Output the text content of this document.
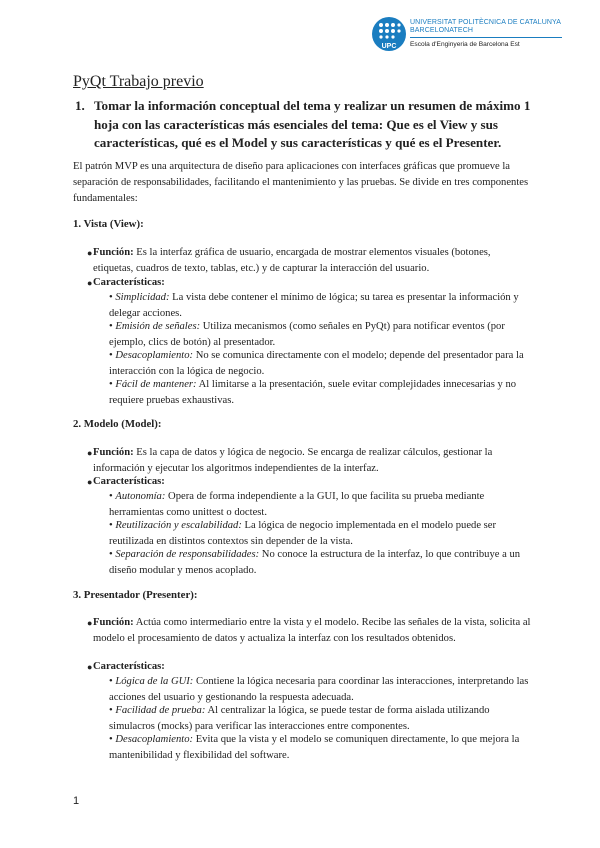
UPC
UNIVERSITAT POLITÈCNICA DE CATALUNYA
BARCELONATECH
Escola d'Enginyeria de Barcelona Est
PyQt Trabajo previo
1. Tomar la información conceptual del tema y realizar un resumen de máximo 1 hoja con las características más esenciales del tema: Que es el View y sus características, qué es el Model y sus características y qué es el Presenter.
El patrón MVP es una arquitectura de diseño para aplicaciones con interfaces gráficas que promueve la separación de responsabilidades, facilitando el mantenimiento y las pruebas. Se divide en tres componentes fundamentales:
1. Vista (View):
● Función: Es la interfaz gráfica de usuario, encargada de mostrar elementos visuales (botones, etiquetas, cuadros de texto, tablas, etc.) y de capturar la interacción del usuario.
● Características:
• Simplicidad: La vista debe contener el mínimo de lógica; su tarea es presentar la información y delegar acciones.
• Emisión de señales: Utiliza mecanismos (como señales en PyQt) para notificar eventos (por ejemplo, clics de botón) al presentador.
• Desacoplamiento: No se comunica directamente con el modelo; depende del presentador para la interacción con la lógica de negocio.
• Fácil de mantener: Al limitarse a la presentación, suele evitar complejidades innecesarias y no requiere pruebas exhaustivas.
2. Modelo (Model):
● Función: Es la capa de datos y lógica de negocio. Se encarga de realizar cálculos, gestionar la información y ejecutar los algoritmos independientes de la interfaz.
● Características:
• Autonomía: Opera de forma independiente a la GUI, lo que facilita su prueba mediante herramientas como unittest o doctest.
• Reutilización y escalabilidad: La lógica de negocio implementada en el modelo puede ser reutilizada en distintos contextos sin depender de la vista.
• Separación de responsabilidades: No conoce la estructura de la interfaz, lo que contribuye a un diseño modular y menos acoplado.
3. Presentador (Presenter):
● Función: Actúa como intermediario entre la vista y el modelo. Recibe las señales de la vista, solicita al modelo el procesamiento de datos y actualiza la interfaz con los resultados obtenidos.
● Características:
• Lógica de la GUI: Contiene la lógica necesaria para coordinar las interacciones, interpretando las acciones del usuario y gestionando la respuesta adecuada.
• Facilidad de prueba: Al centralizar la lógica, se puede testar de forma aislada utilizando simulacros (mocks) para verificar las interacciones entre componentes.
• Desacoplamiento: Evita que la vista y el modelo se comuniquen directamente, lo que mejora la mantenibilidad y flexibilidad del software.
1
